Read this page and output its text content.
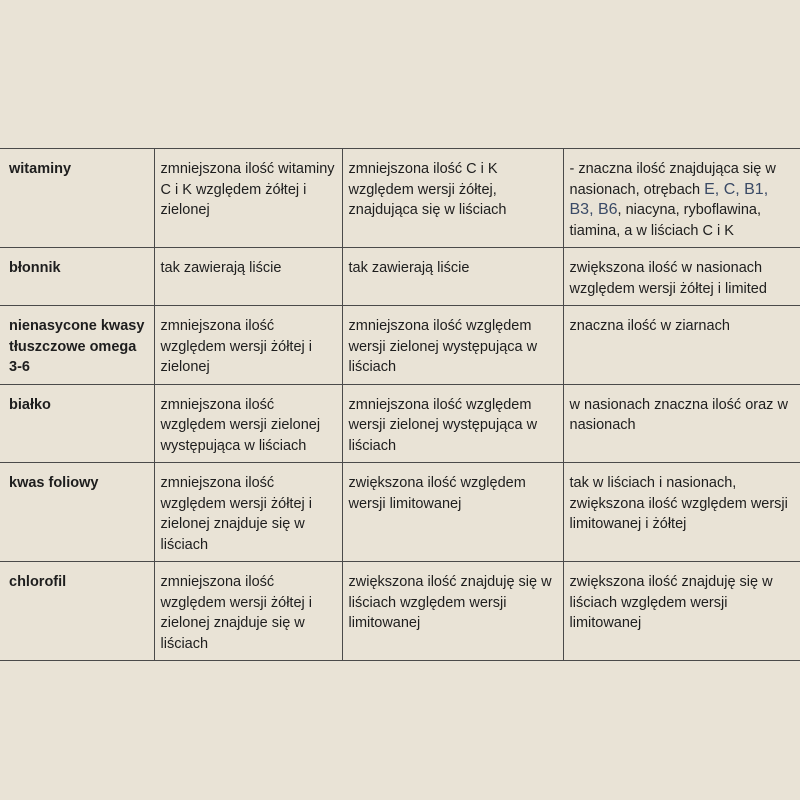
witaminy	zmniejszona ilość witaminy C i K względem żółtej i zielonej	zmniejszona ilość C i K względem wersji żółtej, znajdująca się w liściach	- znaczna ilość znajdująca się w nasionach, otrębach E, C, B1, B3, B6, niacyna, ryboflawina, tiamina, a w liściach C i K
błonnik	tak zawierają liście	tak zawierają liście	zwiększona ilość w nasionach względem wersji żółtej i limited
nienasycone kwasy tłuszczowe omega 3-6	zmniejszona ilość względem wersji żółtej i zielonej	zmniejszona ilość względem wersji zielonej występująca w liściach	znaczna ilość w ziarnach
białko	zmniejszona ilość względem wersji zielonej występująca w liściach	zmniejszona ilość względem wersji zielonej występująca w liściach	w nasionach znaczna ilość oraz w nasionach
kwas foliowy	zmniejszona ilość względem wersji żółtej i zielonej znajduje się w liściach	zwiększona ilość względem wersji limitowanej	tak w liściach i nasionach, zwiększona ilość względem wersji limitowanej i żółtej
chlorofil	zmniejszona ilość względem wersji żółtej i zielonej znajduje się w liściach	zwiększona ilość znajduję się w liściach względem wersji limitowanej	zwiększona ilość znajduję się w liściach względem wersji limitowanej
